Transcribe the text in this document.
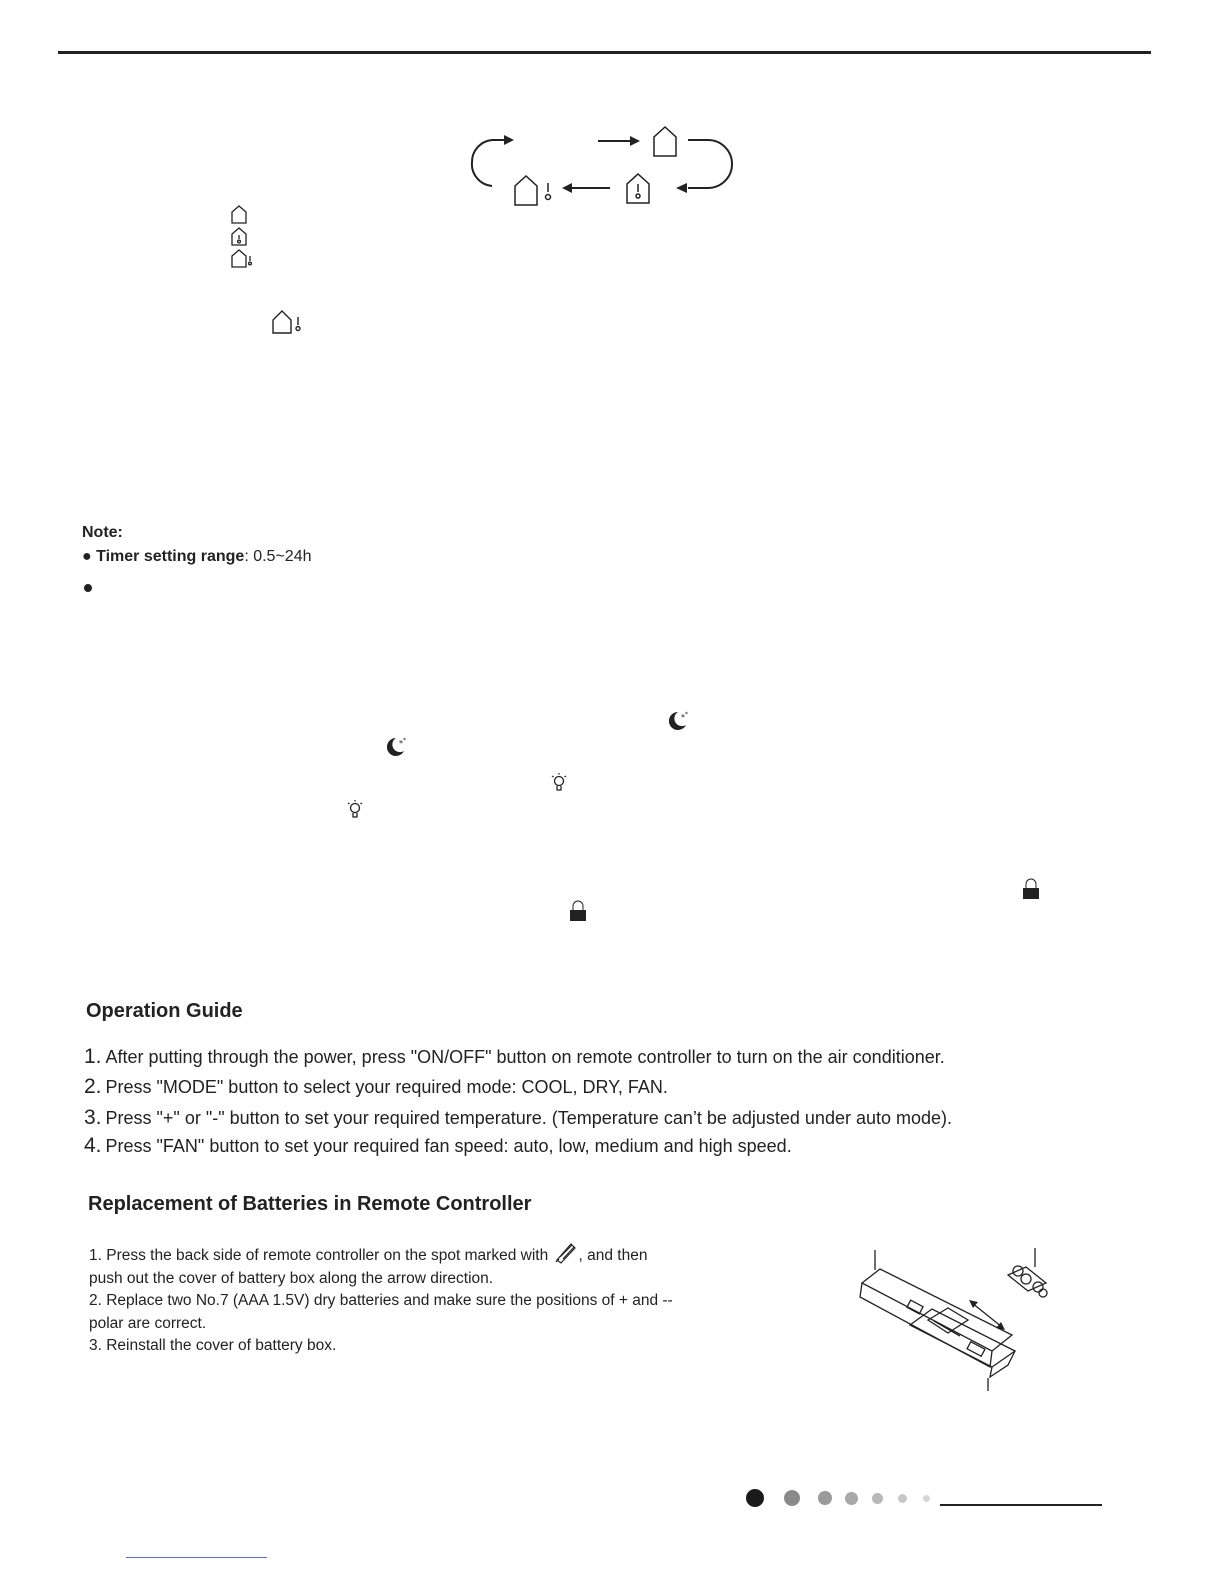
Note:
● Timer setting range: 0.5~24h
* *
* *
Operation Guide
1. After putting through the power, press "ON/OFF" button on remote controller to turn on the air conditioner.
2. Press "MODE" button to select your required mode: COOL, DRY, FAN.
3. Press "+" or "-" button to set your required temperature. (Temperature can’t be adjusted under auto mode).
4. Press "FAN" button to set your required fan speed: auto, low, medium and high speed.
Replacement of Batteries in Remote Controller
1. Press the back side of remote controller on the spot marked with , and then
push out the cover of battery box along the arrow direction.
2. Replace two No.7 (AAA 1.5V) dry batteries and make sure the positions of + and --
polar are correct.
3. Reinstall the cover of battery box.
